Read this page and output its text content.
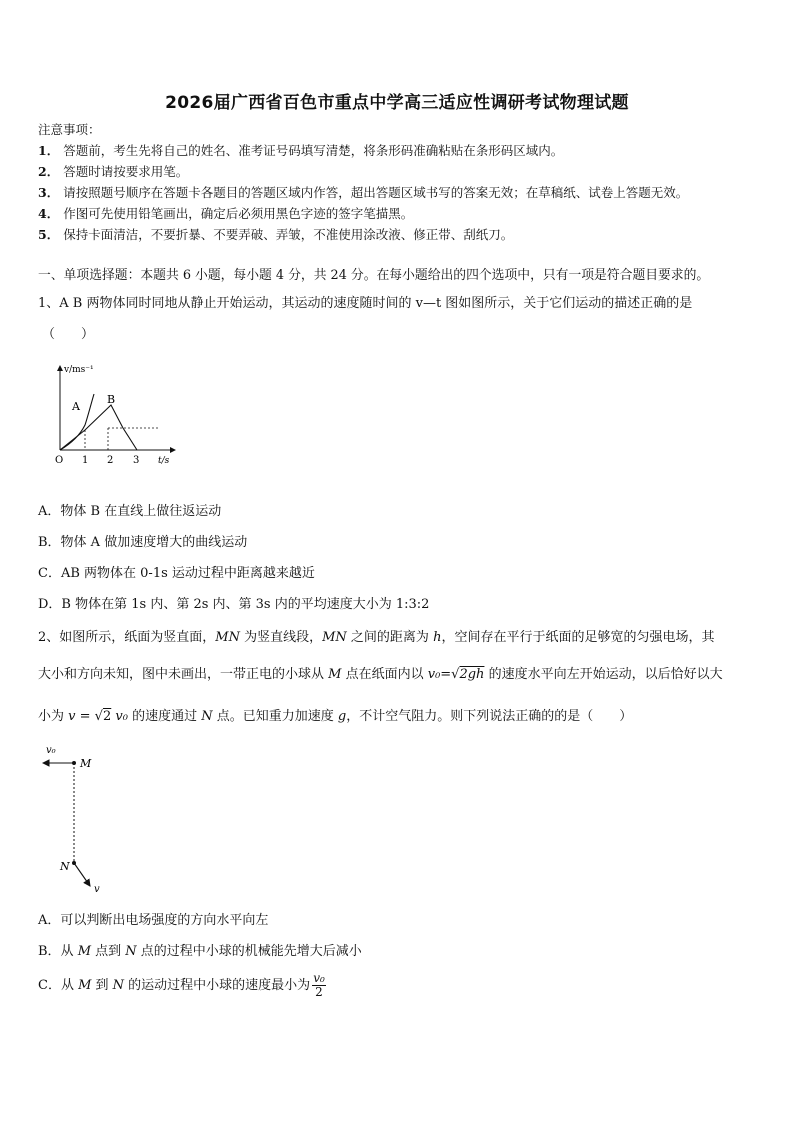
2026届广西省百色市重点中学高三适应性调研考试物理试题
注意事项：
1． 答题前，考生先将自己的姓名、准考证号码填写清楚，将条形码准确粘贴在条形码区域内。
2． 答题时请按要求用笔。
3． 请按照题号顺序在答题卡各题目的答题区域内作答，超出答题区域书写的答案无效；在草稿纸、试卷上答题无效。
4． 作图可先使用铅笔画出，确定后必须用黑色字迹的签字笔描黑。
5． 保持卡面清洁，不要折暴、不要弄破、弄皱，不准使用涂改液、修正带、刮纸刀。
一、单项选择题：本题共 6 小题，每小题 4 分，共 24 分。在每小题给出的四个选项中，只有一项是符合题目要求的。
1、A B 两物体同时同地从静止开始运动，其运动的速度随时间的 v—t 图如图所示，关于它们运动的描述正确的是
（　　）
v/ms⁻¹
t/s
O 1 2 3
A
B
A．物体 B 在直线上做往返运动
B．物体 A 做加速度增大的曲线运动
C．AB 两物体在 0-1s 运动过程中距离越来越近
D．B 物体在第 1s 内、第 2s 内、第 3s 内的平均速度大小为 1:3:2
2、如图所示，纸面为竖直面，MN 为竖直线段，MN 之间的距离为 h，空间存在平行于纸面的足够宽的匀强电场，其
大小和方向未知，图中未画出，一带正电的小球从 M 点在纸面内以 v₀=√2gh 的速度水平向左开始运动，以后恰好以大
小为 v = √2 v₀ 的速度通过 N 点。已知重力加速度 g，不计空气阻力。则下列说法正确的的是（　　）
v₀
M
N
v
A．可以判断出电场强度的方向水平向左
B．从 M 点到 N 点的过程中小球的机械能先增大后减小
C．从 M 到 N 的运动过程中小球的速度最小为 $\frac{\text{v₀}}{2}$
